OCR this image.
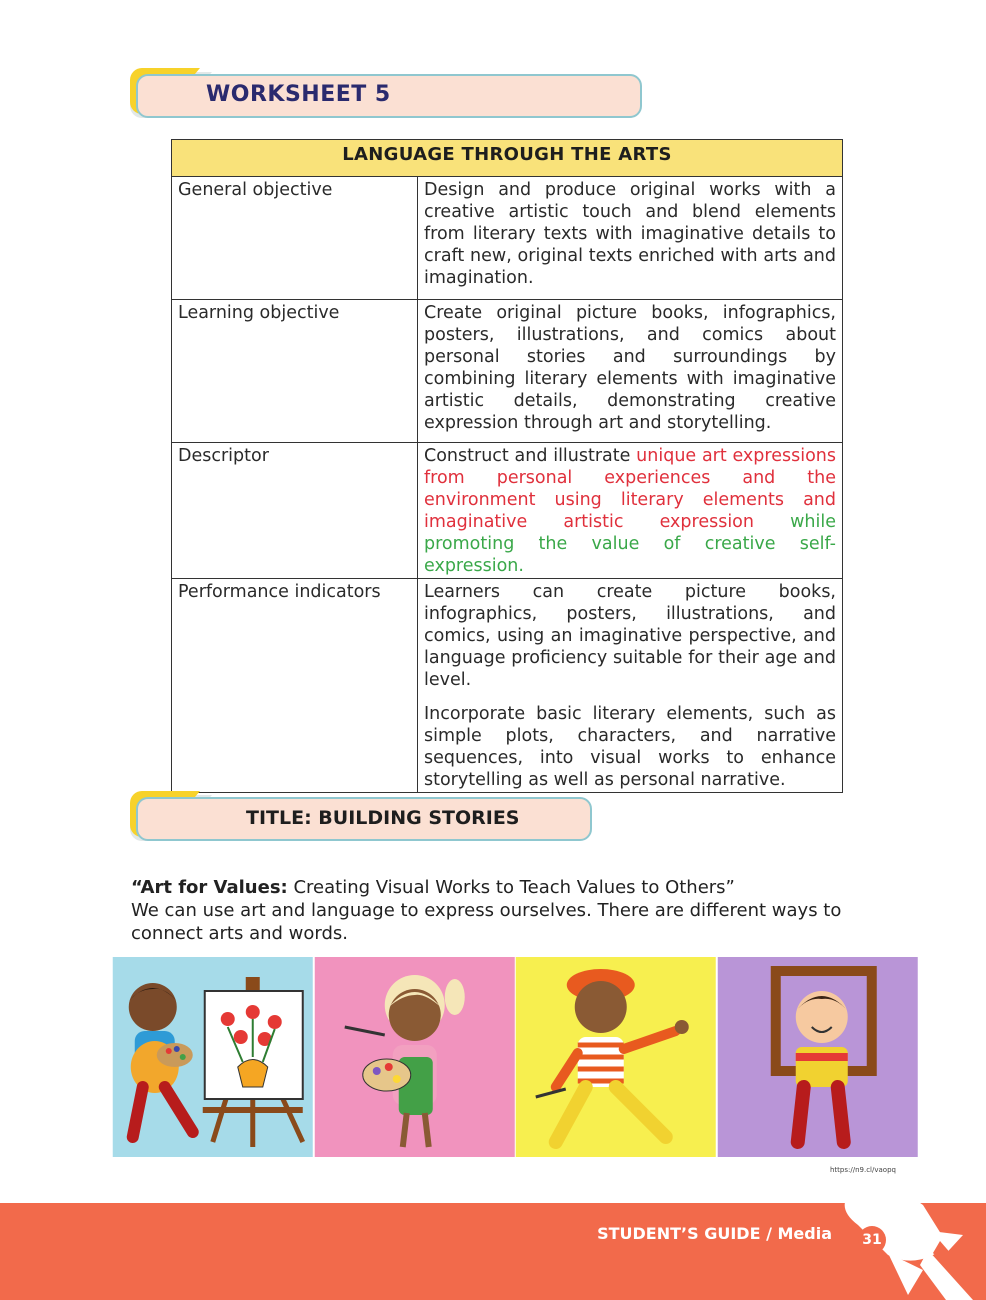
WORKSHEET 5
LANGUAGE THROUGH THE ARTS	
General objective	Design and produce original works with a creative artistic touch and blend elements from literary texts with imaginative details to craft new, original texts enriched with arts and imagination.
Learning objective	Create original picture books, infographics, posters, illustrations, and comics about personal stories and surroundings by combining literary elements with imaginative artistic details, demonstrating creative expression through art and storytelling.
Descriptor	Construct and illustrate unique art expressions from personal experiences and the environment using literary elements and imaginative artistic expression while promoting the value of creative self-expression.
Performance indicators	Learners can create picture books, infographics, posters, illustrations, and comics, using an imaginative perspective, and language proficiency suitable for their age and level.
Incorporate basic literary elements, such as simple plots, characters, and narrative sequences, into visual works to enhance storytelling as well as personal narrative.
TITLE: BUILDING STORIES
“Art for Values: Creating Visual Works to Teach Values to Others”
We can use art and language to express ourselves. There are different ways to connect arts and words.
https://n9.cl/vaopq
STUDENT’S GUIDE / Media	31
